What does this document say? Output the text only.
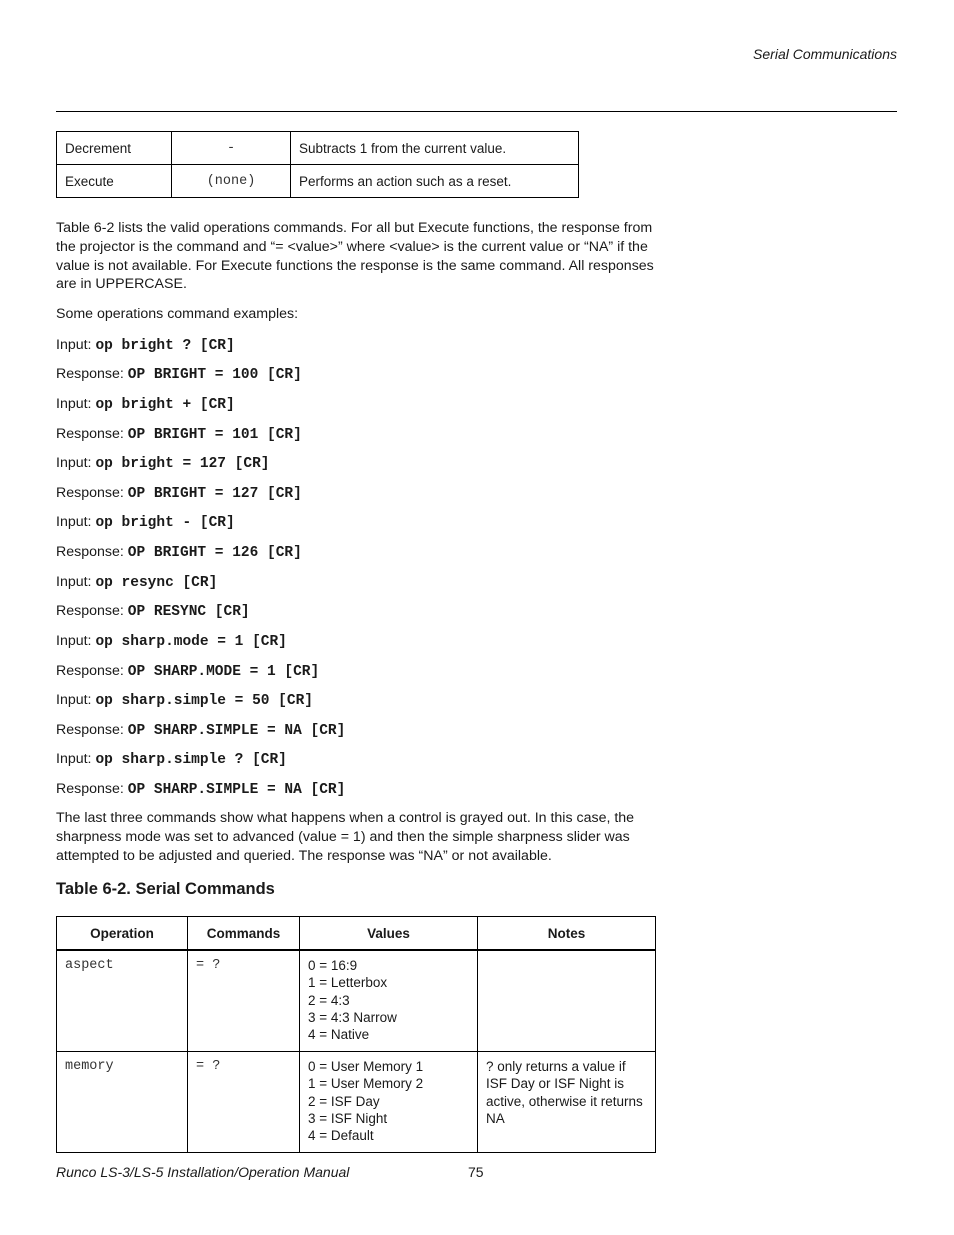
Serial Communications
Decrement	-	Subtracts 1 from the current value.
Execute	(none)	Performs an action such as a reset.

Table 6-2 lists the valid operations commands. For all but Execute functions, the response from the projector is the command and “= <value>” where <value> is the current value or “NA” if the value is not available. For Execute functions the response is the same command. All responses are in UPPERCASE.

Some operations command examples:

Input: op bright ? [CR]

Response: OP BRIGHT = 100 [CR]

Input: op bright + [CR]

Response: OP BRIGHT = 101 [CR]

Input: op bright = 127 [CR]

Response: OP BRIGHT = 127 [CR]

Input: op bright - [CR]

Response: OP BRIGHT = 126 [CR]

Input: op resync [CR]

Response: OP RESYNC [CR]

Input: op sharp.mode = 1 [CR]

Response: OP SHARP.MODE = 1 [CR]

Input: op sharp.simple = 50 [CR]

Response: OP SHARP.SIMPLE = NA [CR]

Input: op sharp.simple ? [CR]

Response: OP SHARP.SIMPLE = NA [CR]

The last three commands show what happens when a control is grayed out. In this case, the sharpness mode was set to advanced (value = 1) and then the simple sharpness slider was attempted to be adjusted and queried. The response was “NA” or not available.

Table 6-2. Serial Commands
Operation	Commands	Values	Notes
aspect	= ?	0 = 16:9
1 = Letterbox
2 = 4:3
3 = 4:3 Narrow
4 = Native	

memory	= ?	0 = User Memory 1
1 = User Memory 2
2 = ISF Day
3 = ISF Night
4 = Default	? only returns a value if ISF Day or ISF Night is active, otherwise it returns NA
Runco LS-3/LS-5 Installation/Operation Manual	75
